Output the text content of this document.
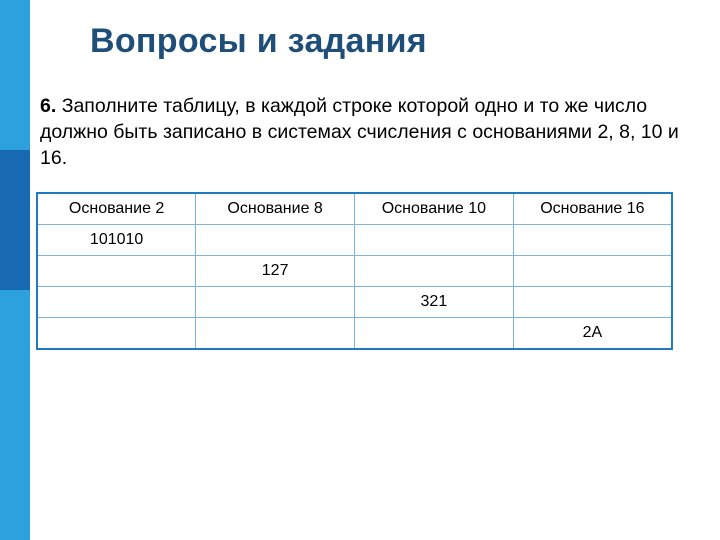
Вопросы и задания
6. Заполните таблицу, в каждой строке которой одно и то же число должно быть записано в системах счисления с основаниями 2, 8, 10 и 16.
Основание 2	Основание 8	Основание 10	Основание 16
101010			
	127		
		321	
			2A
